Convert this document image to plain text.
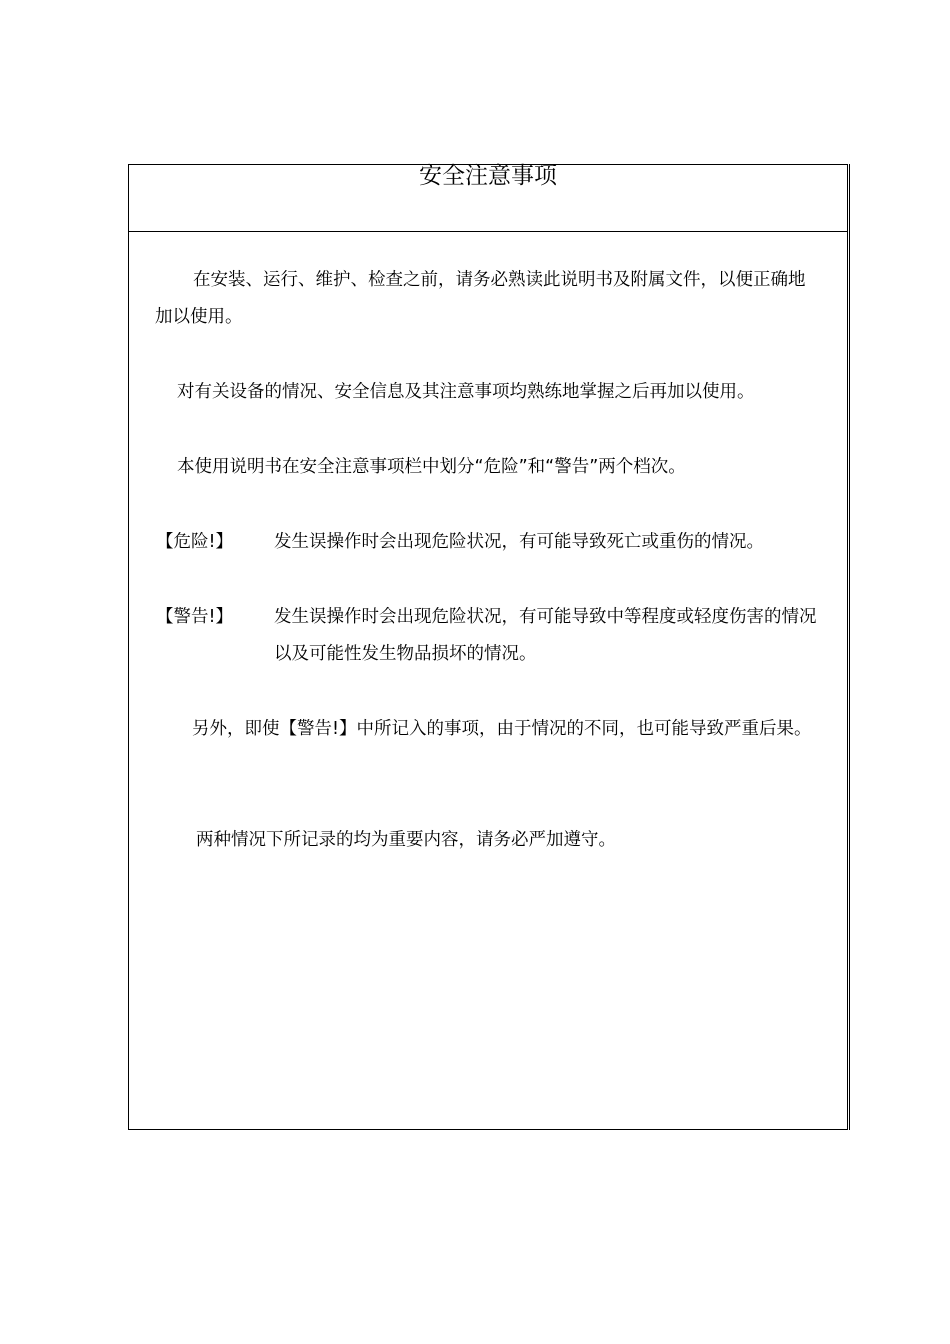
安全注意事项

在安装、运行、维护、检查之前，请务必熟读此说明书及附属文件，以便正确地加以使用。

对有关设备的情况、安全信息及其注意事项均熟练地掌握之后再加以使用。

本使用说明书在安全注意事项栏中划分“危险”和“警告”两个档次。

【危险!】 发生误操作时会出现危险状况，有可能导致死亡或重伤的情况。
【警告!】 发生误操作时会出现危险状况，有可能导致中等程度或轻度伤害的情况以及可能性发生物品损坏的情况。

另外，即使【警告!】中所记入的事项，由于情况的不同，也可能导致严重后果。

两种情况下所记录的均为重要内容，请务必严加遵守。
